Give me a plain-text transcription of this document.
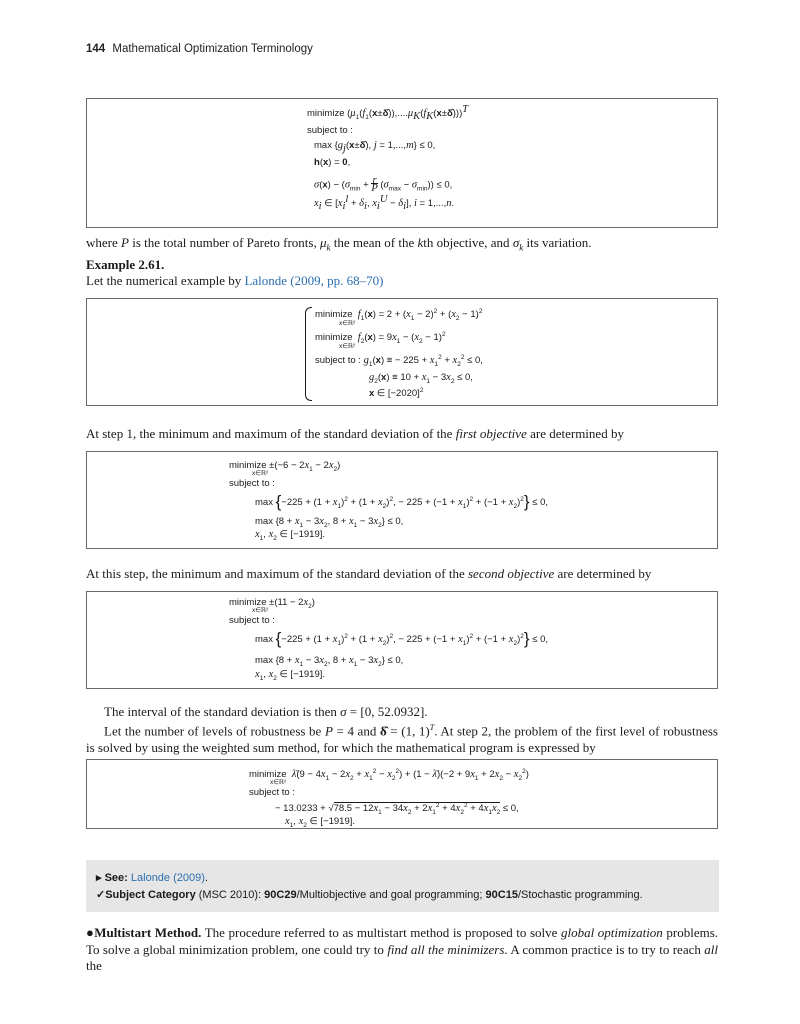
144 Mathematical Optimization Terminology
minimize $(\mu_1(f_1(x\pm\deltâ)),....\mu_K(f_K(x\pm\deltâ)))^T$
subject to :
$\max \{g_j(x\pm\deltâ)$, j = 1,...,m} ≤ 0,
h(x) = 0,
$\sigma(x) - (\sigma_{min} + r$
P $(\sigma_{max} - \sigma_{min})) \le 0$,
$x_i$ ∈ [$x_i^l + \delta_i$, $x_i^U - \delta_i$], i = 1,...,n.
where P is the total number of Pareto fronts, $\mu_k$ the mean of the kth objective, and $\sigma_k$ its variation.
Example 2.61.
Let the numerical example by Lalonde (2009, pp. 68–70)
minimize  $f_1(x) = 2 + (x_1 - 2)^2 + (x_2 - 1)^2$
x∈ℝ²
minimize  $f_2(x) = 9x_1 - (x_2 - 1)^2$
x∈ℝ²
subject to : $g_1(x)$ ≡ − $225 + x_1^2 + x_2^2 \le 0$,
$g_2(x) \equiv 10 + x_1 - 3x_2 \le 0$,
x ∈ $[-2020]^2$
At step 1, the minimum and maximum of the standard deviation of the first objective are determined by
minimize $\pm(-6 - 2x_1 - 2x_2)$
x∈ℝ²
subject to :
$\max \{-225 + (1 + x_1)^2 + (1 + x_2)^2$, − $225 + (-1 + x_1)^2 + (-1 + x_2)^2\} \le 0$,
$\max \{8 + x_1 - 3x_2$, $8 + x_1 - 3x_2\} \le 0$,
$x_1$, $x_2$ ∈ [−1919].
At this step, the minimum and maximum of the standard deviation of the second objective are determined by
minimize $\pm(11 - 2x_2)$
x∈ℝ²
subject to :
$\max \{-225 + (1 + x_1)^2 + (1 + x_2)^2$, − $225 + (-1 + x_1)^2 + (-1 + x_2)^2\} \le 0$,
$\max \{8 + x_1 - 3x_2$, $8 + x_1 - 3x_2\} \le 0$,
$x_1$, $x_2$ ∈ [−1919].
The interval of the standard deviation is then σ = [0, 52.0932].
Let the number of levels of robustness be P = 4 and δ̂ = (1, 1)$^T$. At step 2, the problem of the first level of robustness is solved by using the weighted sum method, for which the mathematical program is expressed by
minimize  λ̄(9 − $4x_1 - 2x_2 + x_1^2 - x_2^2) + (1$ − λ̄)(−2 + $9x_1 + 2x_2 - x_2^2$)
x∈ℝ²
subject to :
− $13.0233 + √78.5 - 12x_1 - 34x_2 + 2x_1^2 + 4x_2^2 + 4x_1x_2 \le 0$,
$x_1$, $x_2$ ∈ [−1919].
▸ See: Lalonde (2009).
✓Subject Category (MSC 2010): 90C29/Multiobjective and goal programming; 90C15/Stochastic programming.
●Multistart Method. The procedure referred to as multistart method is proposed to solve global optimization problems. To solve a global minimization problem, one could try to find all the minimizers. A common practice is to try to reach all the
